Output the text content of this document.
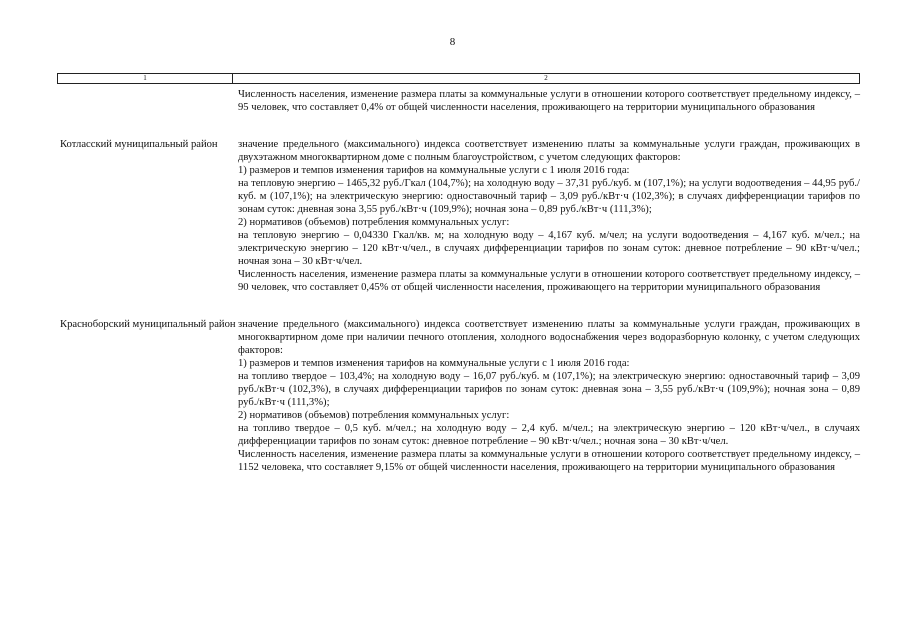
8
1	2

Численность населения, изменение размера платы за коммунальные услуги в отношении которого соответствует предельному индексу, – 95 человек, что составляет 0,4% от общей численности населения, проживающего на территории муниципального образования

Котласский муниципальный район	значение предельного (максимального) индекса соответствует изменению платы за коммунальные услуги граждан, проживающих в двухэтажном многоквартирном доме с полным благоустройством, с учетом следующих факторов:

1) размеров и темпов изменения тарифов на коммунальные услуги с 1 июля 2016 года:

на тепловую энергию – 1465,32 руб./Гкал (104,7%); на холодную воду – 37,31 руб./куб. м (107,1%); на услуги водоотведения – 44,95 руб./куб. м (107,1%); на электрическую энергию: одноставочный тариф – 3,09 руб./кВт·ч (102,3%); в случаях дифференциации тарифов по зонам суток: дневная зона 3,55 руб./кВт·ч (109,9%); ночная зона – 0,89 руб./кВт·ч (111,3%);

2) нормативов (объемов) потребления коммунальных услуг:

на тепловую энергию – 0,04330 Гкал/кв. м; на холодную воду – 4,167 куб. м/чел; на услуги водоотведения – 4,167 куб. м/чел.; на электрическую энергию – 120 кВт·ч/чел., в случаях дифференциации тарифов по зонам суток: дневное потребление – 90 кВт·ч/чел.; ночная зона – 30 кВт·ч/чел.

Численность населения, изменение размера платы за коммунальные услуги в отношении которого соответствует предельному индексу, – 90 человек, что составляет 0,45% от общей численности населения, проживающего на территории муниципального образования

Красноборский муниципальный район значение предельного (максимального) индекса соответствует изменению платы за коммунальные услуги граждан, проживающих в многоквартирном доме при наличии печного отопления, холодного водоснабжения через водоразборную колонку, с учетом следующих факторов:

1) размеров и темпов изменения тарифов на коммунальные услуги с 1 июля 2016 года:

на топливо твердое – 103,4%; на холодную воду – 16,07 руб./куб. м (107,1%); на электрическую энергию: одноставочный тариф – 3,09 руб./кВт·ч (102,3%), в случаях дифференциации тарифов по зонам суток: дневная зона – 3,55 руб./кВт·ч (109,9%); ночная зона – 0,89 руб./кВт·ч (111,3%);

2) нормативов (объемов) потребления коммунальных услуг:

на топливо твердое – 0,5 куб. м/чел.; на холодную воду – 2,4 куб. м/чел.; на электрическую энергию – 120 кВт·ч/чел., в случаях дифференциации тарифов по зонам суток: дневное потребление – 90 кВт·ч/чел.; ночная зона – 30 кВт·ч/чел.

Численность населения, изменение размера платы за коммунальные услуги в отношении которого соответствует предельному индексу, – 1152 человека, что составляет 9,15% от общей численности населения, проживающего на территории муниципального образования
